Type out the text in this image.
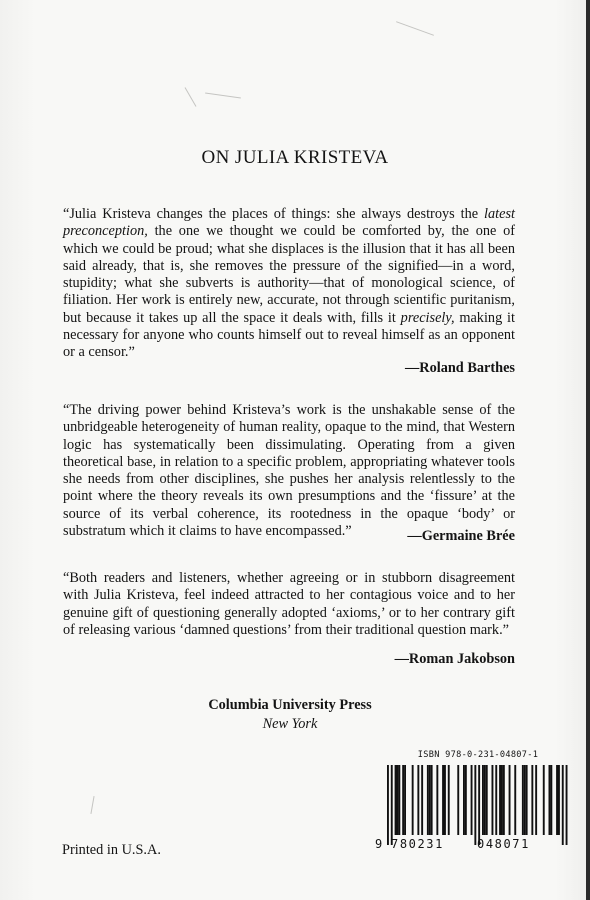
ON JULIA KRISTEVA

“Julia Kristeva changes the places of things: she always destroys the latest preconception, the one we thought we could be comforted by, the one of which we could be proud; what she displaces is the illusion that it has all been said already, that is, she removes the pressure of the signified—in a word, stupidity; what she subverts is authority—that of monological science, of filiation. Her work is entirely new, accurate, not through scientific puritanism, but because it takes up all the space it deals with, fills it precisely, making it necessary for anyone who counts himself out to reveal himself as an opponent or a censor.”

—Roland Barthes

“The driving power behind Kristeva’s work is the unshakable sense of the unbridgeable heterogeneity of human reality, opaque to the mind, that Western logic has systematically been dissimulating. Operating from a given theoretical base, in relation to a specific problem, appropriating whatever tools she needs from other disciplines, she pushes her analysis relentlessly to the point where the theory reveals its own presumptions and the ‘fissure’ at the source of its verbal coherence, its rootedness in the opaque ‘body’ or substratum which it claims to have encompassed.”	—Germaine Brée

“Both readers and listeners, whether agreeing or in stubborn disagreement with Julia Kristeva, feel indeed attracted to her contagious voice and to her genuine gift of questioning generally adopted ‘axioms,’ or to her contrary gift of releasing various ‘damned questions’ from their traditional question mark.”

—Roman Jakobson
Columbia University Press
New York
ISBN 978-0-231-04807-1
9 780231	048071
Printed in U.S.A.
